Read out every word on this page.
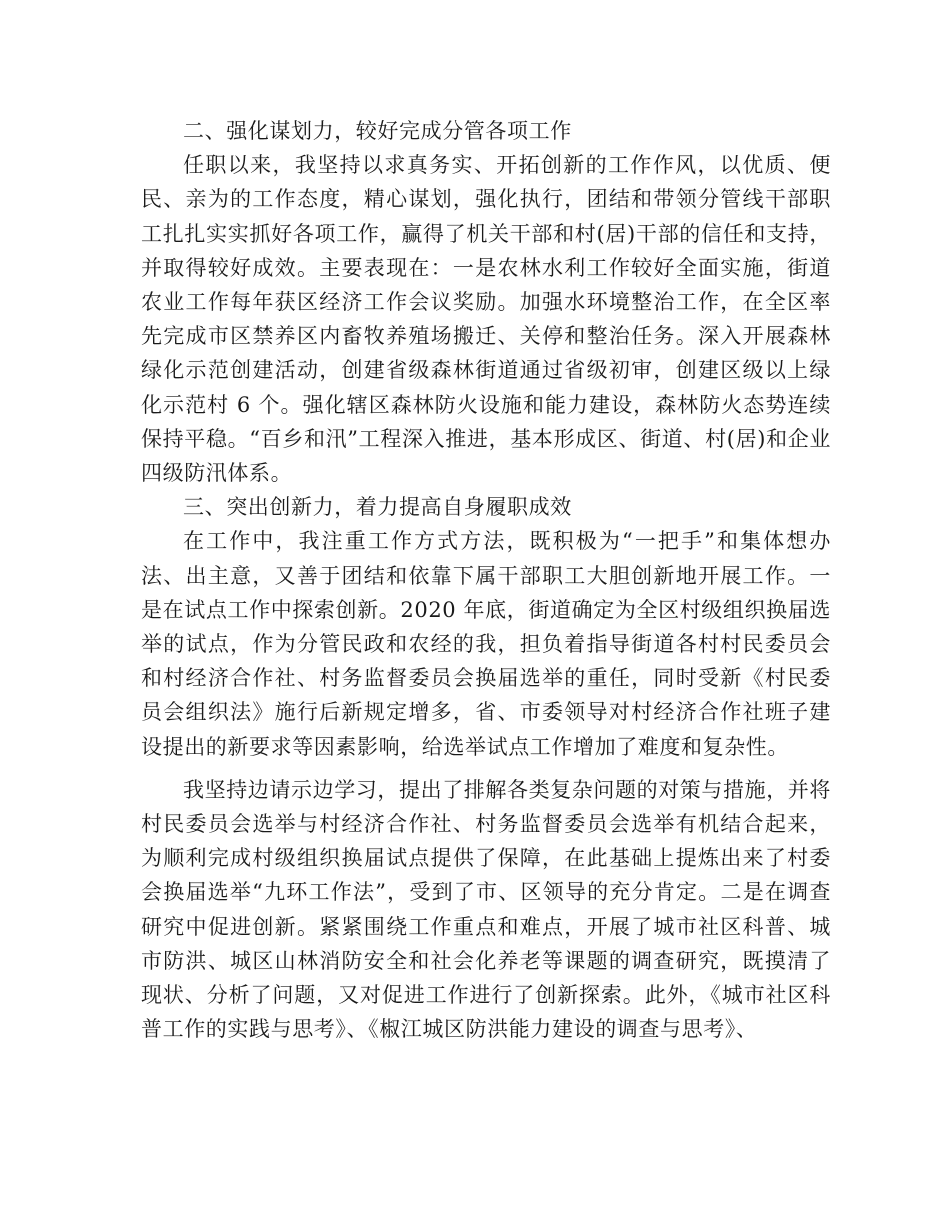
二、强化谋划力，较好完成分管各项工作

任职以来，我坚持以求真务实、开拓创新的工作作风，以优质、便民、亲为的工作态度，精心谋划，强化执行，团结和带领分管线干部职工扎扎实实抓好各项工作，赢得了机关干部和村(居)干部的信任和支持，并取得较好成效。主要表现在：一是农林水利工作较好全面实施，街道农业工作每年获区经济工作会议奖励。加强水环境整治工作，在全区率先完成市区禁养区内畜牧养殖场搬迁、关停和整治任务。深入开展森林绿化示范创建活动，创建省级森林街道通过省级初审，创建区级以上绿化示范村 6 个。强化辖区森林防火设施和能力建设，森林防火态势连续保持平稳。“百乡和汛”工程深入推进，基本形成区、街道、村(居)和企业四级防汛体系。

三、突出创新力，着力提高自身履职成效

在工作中，我注重工作方式方法，既积极为“一把手”和集体想办法、出主意，又善于团结和依靠下属干部职工大胆创新地开展工作。一是在试点工作中探索创新。2020 年底，街道确定为全区村级组织换届选举的试点，作为分管民政和农经的我，担负着指导街道各村村民委员会和村经济合作社、村务监督委员会换届选举的重任，同时受新《村民委员会组织法》施行后新规定增多，省、市委领导对村经济合作社班子建设提出的新要求等因素影响，给选举试点工作增加了难度和复杂性。

我坚持边请示边学习，提出了排解各类复杂问题的对策与措施，并将村民委员会选举与村经济合作社、村务监督委员会选举有机结合起来，为顺利完成村级组织换届试点提供了保障，在此基础上提炼出来了村委会换届选举“九环工作法”，受到了市、区领导的充分肯定。二是在调查研究中促进创新。紧紧围绕工作重点和难点，开展了城市社区科普、城市防洪、城区山林消防安全和社会化养老等课题的调查研究，既摸清了现状、分析了问题，又对促进工作进行了创新探索。此外，《城市社区科普工作的实践与思考》、《椒江城区防洪能力建设的调查与思考》、
